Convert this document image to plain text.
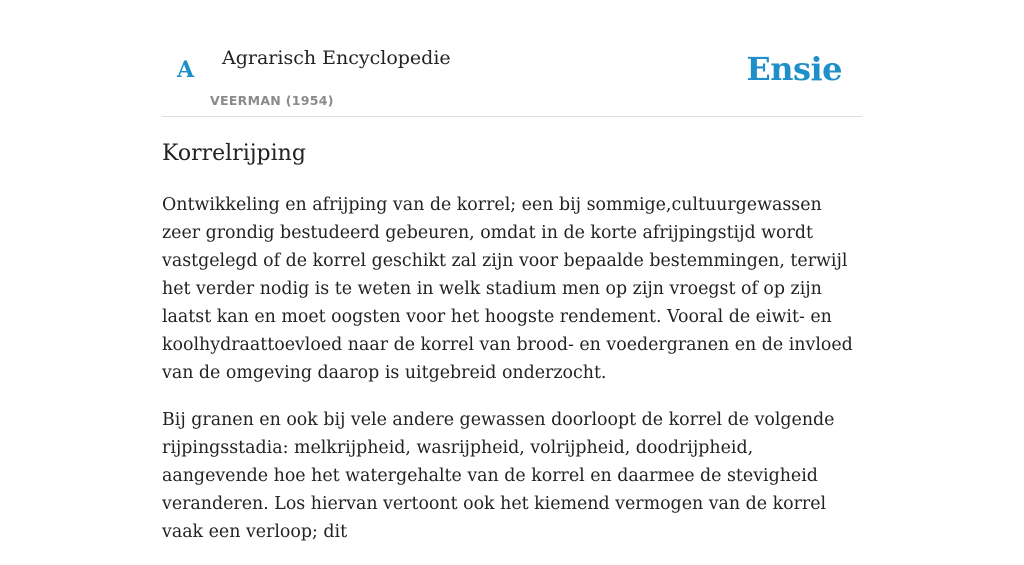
A Agrarisch Encyclopedie
VEERMAN (1954)
Ensie
Korrelrijping

Ontwikkeling en afrijping van de korrel; een bij sommige,cultuurgewassen zeer grondig bestudeerd gebeuren, omdat in de korte afrijpingstijd wordt vastgelegd of de korrel geschikt zal zijn voor bepaalde bestemmingen, terwijl het verder nodig is te weten in welk stadium men op zijn vroegst of op zijn laatst kan en moet oogsten voor het hoogste rendement. Vooral de eiwit- en koolhydraattoevloed naar de korrel van brood- en voedergranen en de invloed van de omgeving daarop is uitgebreid onderzocht.

Bij granen en ook bij vele andere gewassen doorloopt de korrel de volgende rijpingsstadia: melkrijpheid, wasrijpheid, volrijpheid, doodrijpheid, aangevende hoe het watergehalte van de korrel en daarmee de stevigheid veranderen. Los hiervan vertoont ook het kiemend vermogen van de korrel vaak een verloop; dit
